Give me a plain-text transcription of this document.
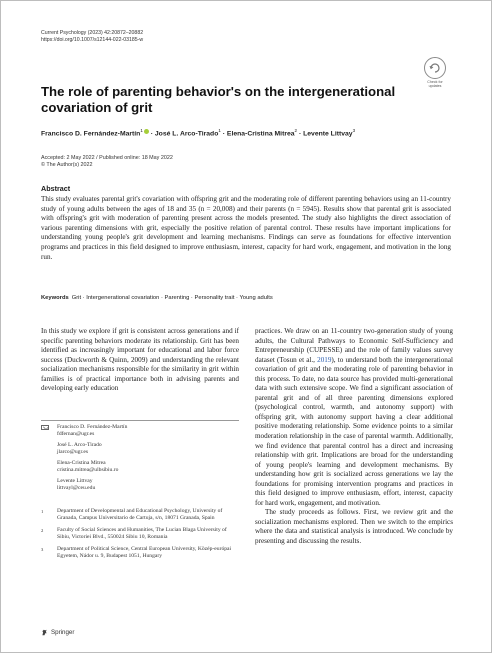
Current Psychology (2023) 42:20872–20882
https://doi.org/10.1007/s12144-022-03185-w
Check for updates
The role of parenting behavior's on the intergenerational covariation of grit
Francisco D. Fernández-Martín$^1$ · José L. Arco-Tirado$^1$ · Elena-Cristina Mitrea$^2$ · Levente Littvay$^3$
Accepted: 2 May 2022 / Published online: 18 May 2022
© The Author(s) 2022
Abstract
This study evaluates parental grit's covariation with offspring grit and the moderating role of different parenting behaviors using an 11-country study of young adults between the ages of 18 and 35 (n = 20,008) and their parents (n = 5945). Results show that parental grit is associated with offspring's grit with moderation of parenting present across the models presented. The study also highlights the direct association of various parenting dimensions with grit, especially the positive relation of parental control. These results have important implications for understanding young people's grit development and learning mechanisms. Findings can serve as foundations for effective intervention programs and practices in this field designed to improve enthusiasm, interest, capacity for hard work, engagement, and motivation in the long run.
Keywords Grit · Intergenerational covariation · Parenting · Personality trait · Young adults
In this study we explore if grit is consistent across generations and if specific parenting behaviors moderate its relationship. Grit has been identified as increasingly important for educational and labor force success (Duckworth & Quinn, 2009) and understanding the relevant socialization mechanisms responsible for the similarity in grit within families is of practical importance both in advising parents and developing early education
Francisco D. Fernández-Martín
fdfernan@ugr.es
José L. Arco-Tirado
jlarco@ugr.es
Elena-Cristina Mitrea
cristina.mitrea@ulbsibiu.ro
Levente Littvay
littvayl@ceu.edu
1	Department of Developmental and Educational Psychology, University of Granada, Campus Universitario de Cartuja, s/n, 18071 Granada, Spain
2	Faculty of Social Sciences and Humanities, The Lucian Blaga University of Sibiu, Victoriei Blvd., 550024 Sibiu 10, Romania
3	Department of Political Science, Central European University, Közép-európai Egyetem, Nádor u. 9, Budapest 1051, Hungary
practices. We draw on an 11-country two-generation study of young adults, the Cultural Pathways to Economic Self-Sufficiency and Entrepreneurship (CUPESSE) and the role of family values survey dataset (Tosun et al., 2019), to understand both the intergenerational covariation of grit and the moderating role of parenting behavior in this process. To date, no data source has provided multi-generational data with such extensive scope. We find a significant association of parental grit and of all three parenting dimensions explored (psychological control, warmth, and autonomy support) with offspring grit, with autonomy support having a clear additional positive moderating relationship. Some evidence points to a similar moderation relationship in the case of parental warmth. Additionally, we find evidence that parental control has a direct and increasing relationship with grit. Implications are broad for the understanding of young people's learning and development mechanisms. By understanding how grit is socialized across generations we lay the foundations for promising intervention programs and practices in this field designed to improve enthusiasm, effort, interest, capacity for hard work, engagement, and motivation.
The study proceeds as follows. First, we review grit and the socialization mechanisms explored. Then we switch to the empirics where the data and statistical analysis is introduced. We conclude by presenting and discussing the results.
Springer
